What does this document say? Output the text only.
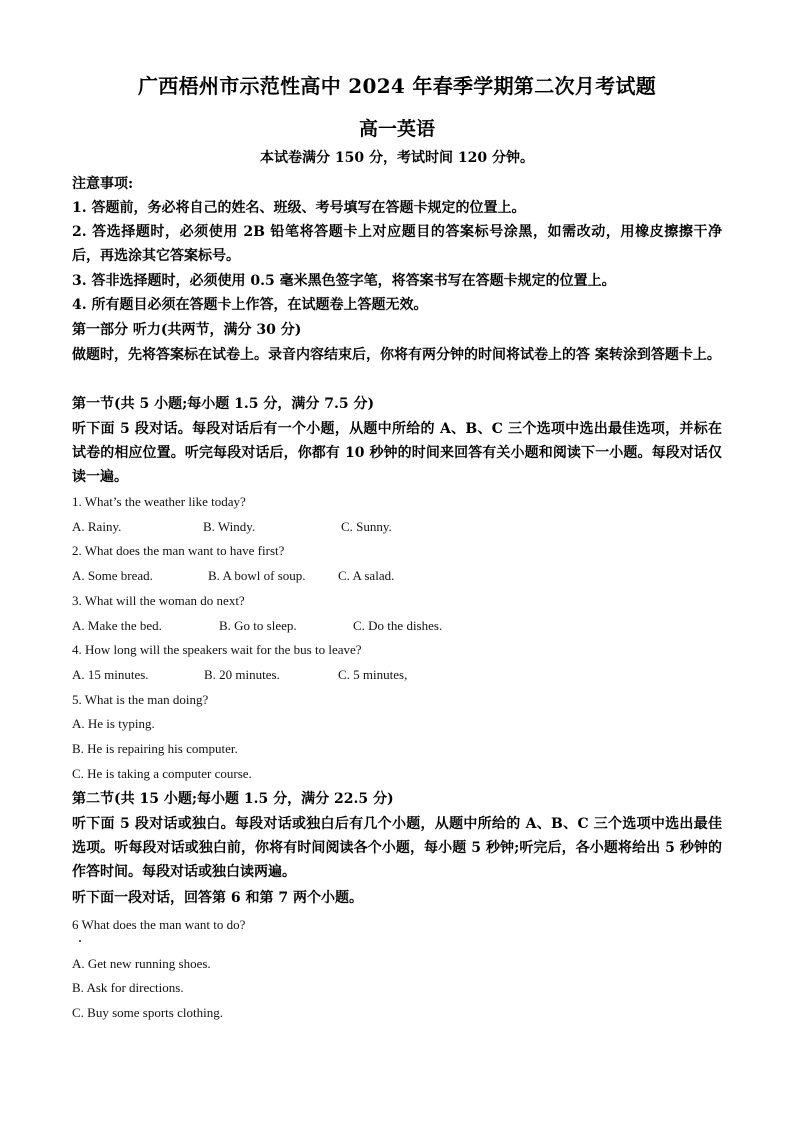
广西梧州市示范性高中 2024 年春季学期第二次月考试题
高一英语
本试卷满分 150 分，考试时间 120 分钟。
注意事项:
1. 答题前，务必将自己的姓名、班级、考号填写在答题卡规定的位置上。
2. 答选择题时，必须使用 2B 铅笔将答题卡上对应题目的答案标号涂黑，如需改动，用橡皮擦擦干净后，再选涂其它答案标号。
3. 答非选择题时，必须使用 0.5 毫米黑色签字笔，将答案书写在答题卡规定的位置上。
4. 所有题目必须在答题卡上作答，在试题卷上答题无效。
第一部分 听力(共两节，满分 30 分)
做题时，先将答案标在试卷上。录音内容结束后，你将有两分钟的时间将试卷上的答 案转涂到答题卡上。
第一节(共 5 小题;每小题 1.5 分，满分 7.5 分)
听下面 5 段对话。每段对话后有一个小题，从题中所给的 A、B、C 三个选项中选出最佳选项，并标在试卷的相应位置。听完每段对话后，你都有 10 秒钟的时间来回答有关小题和阅读下一小题。每段对话仅读一遍。
1. What’s the weather like today?
A. Rainy.	B. Windy.	C. Sunny.
2. What does the man want to have first?
A. Some bread.	B. A bowl of soup. C. A salad.
3. What will the woman do next?
A. Make the bed.	B. Go to sleep.	C. Do the dishes.
4. How long will the speakers wait for the bus to leave?
A. 15 minutes.	B. 20 minutes.	C. 5 minutes,
5. What is the man doing?
A. He is typing.
B. He is repairing his computer.
C. He is taking a computer course.
第二节(共 15 小题;每小题 1.5 分，满分 22.5 分)
听下面 5 段对话或独白。每段对话或独白后有几个小题，从题中所给的 A、B、C 三个选项中选出最佳选项。听每段对话或独白前，你将有时间阅读各个小题，每小题 5 秒钟;听完后，各小题将给出 5 秒钟的作答时间。每段对话或独白读两遍。
听下面一段对话，回答第 6 和第 7 两个小题。
6 What does the man want to do?
A. Get new running shoes.
B. Ask for directions.
C. Buy some sports clothing.
